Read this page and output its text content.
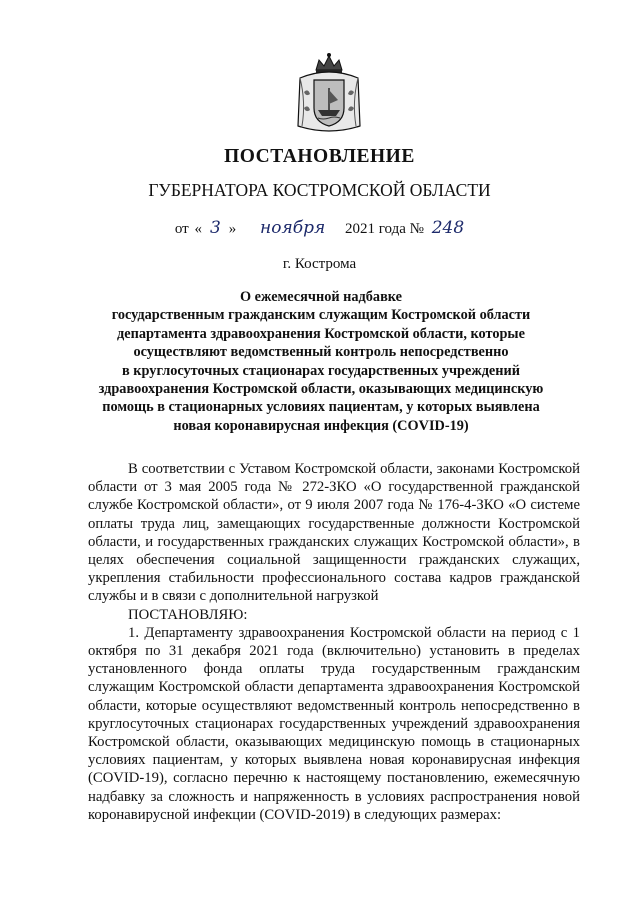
ПОСТАНОВЛЕНИЕ
ГУБЕРНАТОРА КОСТРОМСКОЙ ОБЛАСТИ
от « 3 » ноября 2021 года № 248
г. Кострома
О ежемесячной надбавке
государственным гражданским служащим Костромской области
департамента здравоохранения Костромской области, которые
осуществляют ведомственный контроль непосредственно
в круглосуточных стационарах государственных учреждений
здравоохранения Костромской области, оказывающих медицинскую
помощь в стационарных условиях пациентам, у которых выявлена
новая коронавирусная инфекция (COVID-19)

В соответствии с Уставом Костромской области, законами Костромской области от 3 мая 2005 года № 272-ЗКО «О государственной гражданской службе Костромской области», от 9 июля 2007 года № 176-4-ЗКО «О системе оплаты труда лиц, замещающих государственные должности Костромской области, и государственных гражданских служащих Костромской области», в целях обеспечения социальной защищенности гражданских служащих, укрепления стабильности профессионального состава кадров гражданской службы и в связи с дополнительной нагрузкой

ПОСТАНОВЛЯЮ:

1. Департаменту здравоохранения Костромской области на период с 1 октября по 31 декабря 2021 года (включительно) установить в пределах установленного фонда оплаты труда государственным гражданским служащим Костромской области департамента здравоохранения Костромской области, которые осуществляют ведомственный контроль непосредственно в круглосуточных стационарах государственных учреждений здравоохранения Костромской области, оказывающих медицинскую помощь в стационарных условиях пациентам, у которых выявлена новая коронавирусная инфекция (COVID-19), согласно перечню к настоящему постановлению, ежемесячную надбавку за сложность и напряженность в условиях распространения новой коронавирусной инфекции (COVID-2019) в следующих размерах:
